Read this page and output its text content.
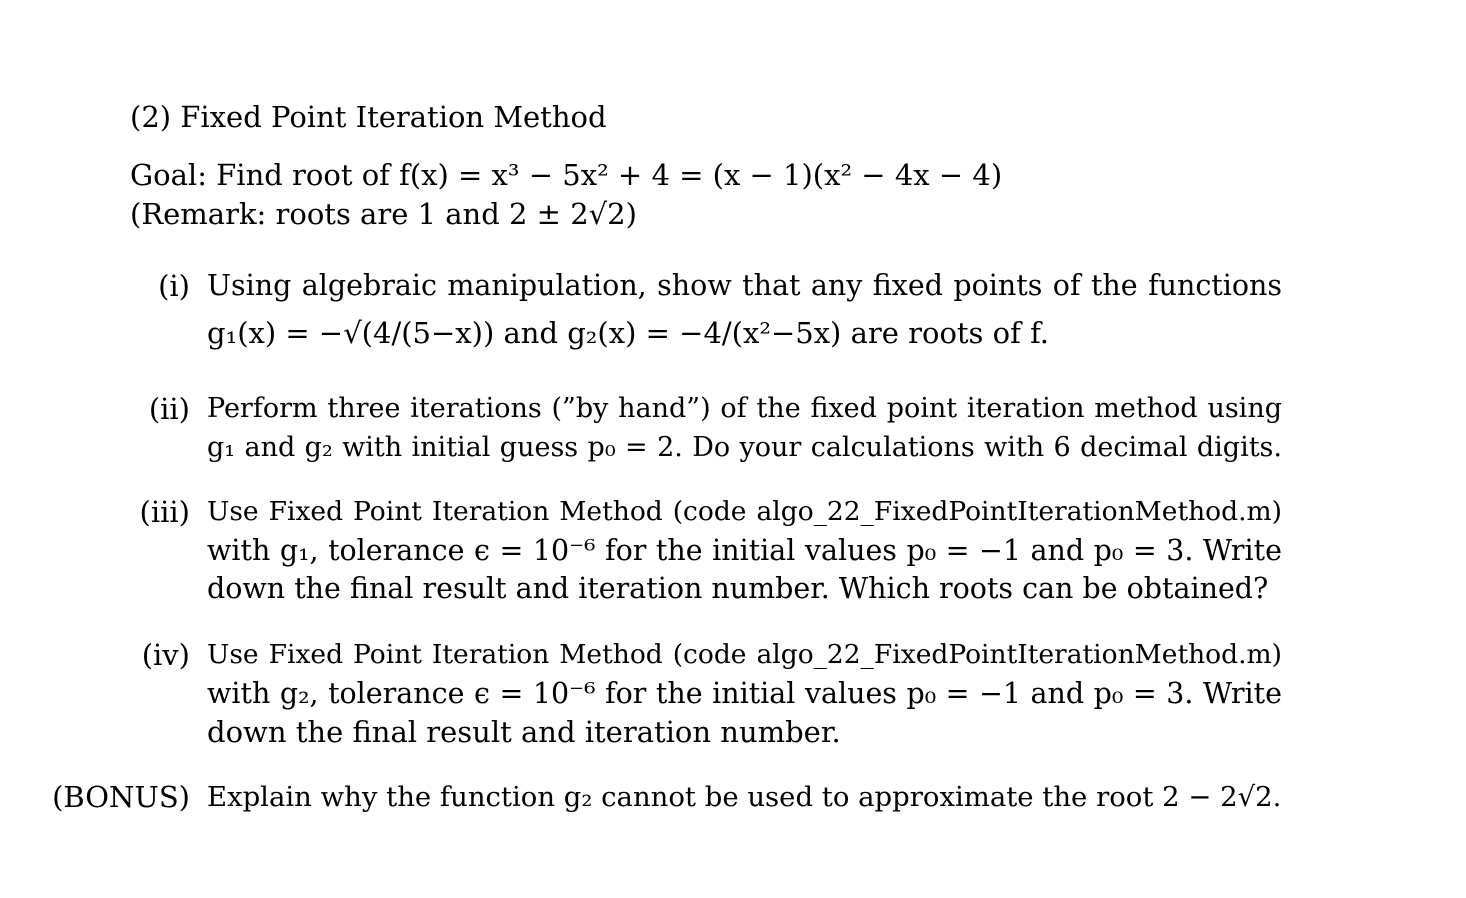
(2) Fixed Point Iteration Method
Goal: Find root of f(x) = x³ − 5x² + 4 = (x − 1)(x² − 4x − 4)
(Remark: roots are 1 and 2 ± 2√2)
(i) Using algebraic manipulation, show that any fixed points of the functions
g₁(x) = −√(4/(5−x)) and g₂(x) = −4/(x²−5x) are roots of f.
(ii) Perform three iterations (”by hand”) of the fixed point iteration method using
g₁ and g₂ with initial guess p₀ = 2. Do your calculations with 6 decimal digits.
(iii) Use Fixed Point Iteration Method (code algo_22_FixedPointIterationMethod.m)
with g₁, tolerance ϵ = 10⁻⁶ for the initial values p₀ = −1 and p₀ = 3. Write
down the final result and iteration number. Which roots can be obtained?
(iv) Use Fixed Point Iteration Method (code algo_22_FixedPointIterationMethod.m)
with g₂, tolerance ϵ = 10⁻⁶ for the initial values p₀ = −1 and p₀ = 3. Write
down the final result and iteration number.
(BONUS) Explain why the function g₂ cannot be used to approximate the root 2 − 2√2.
